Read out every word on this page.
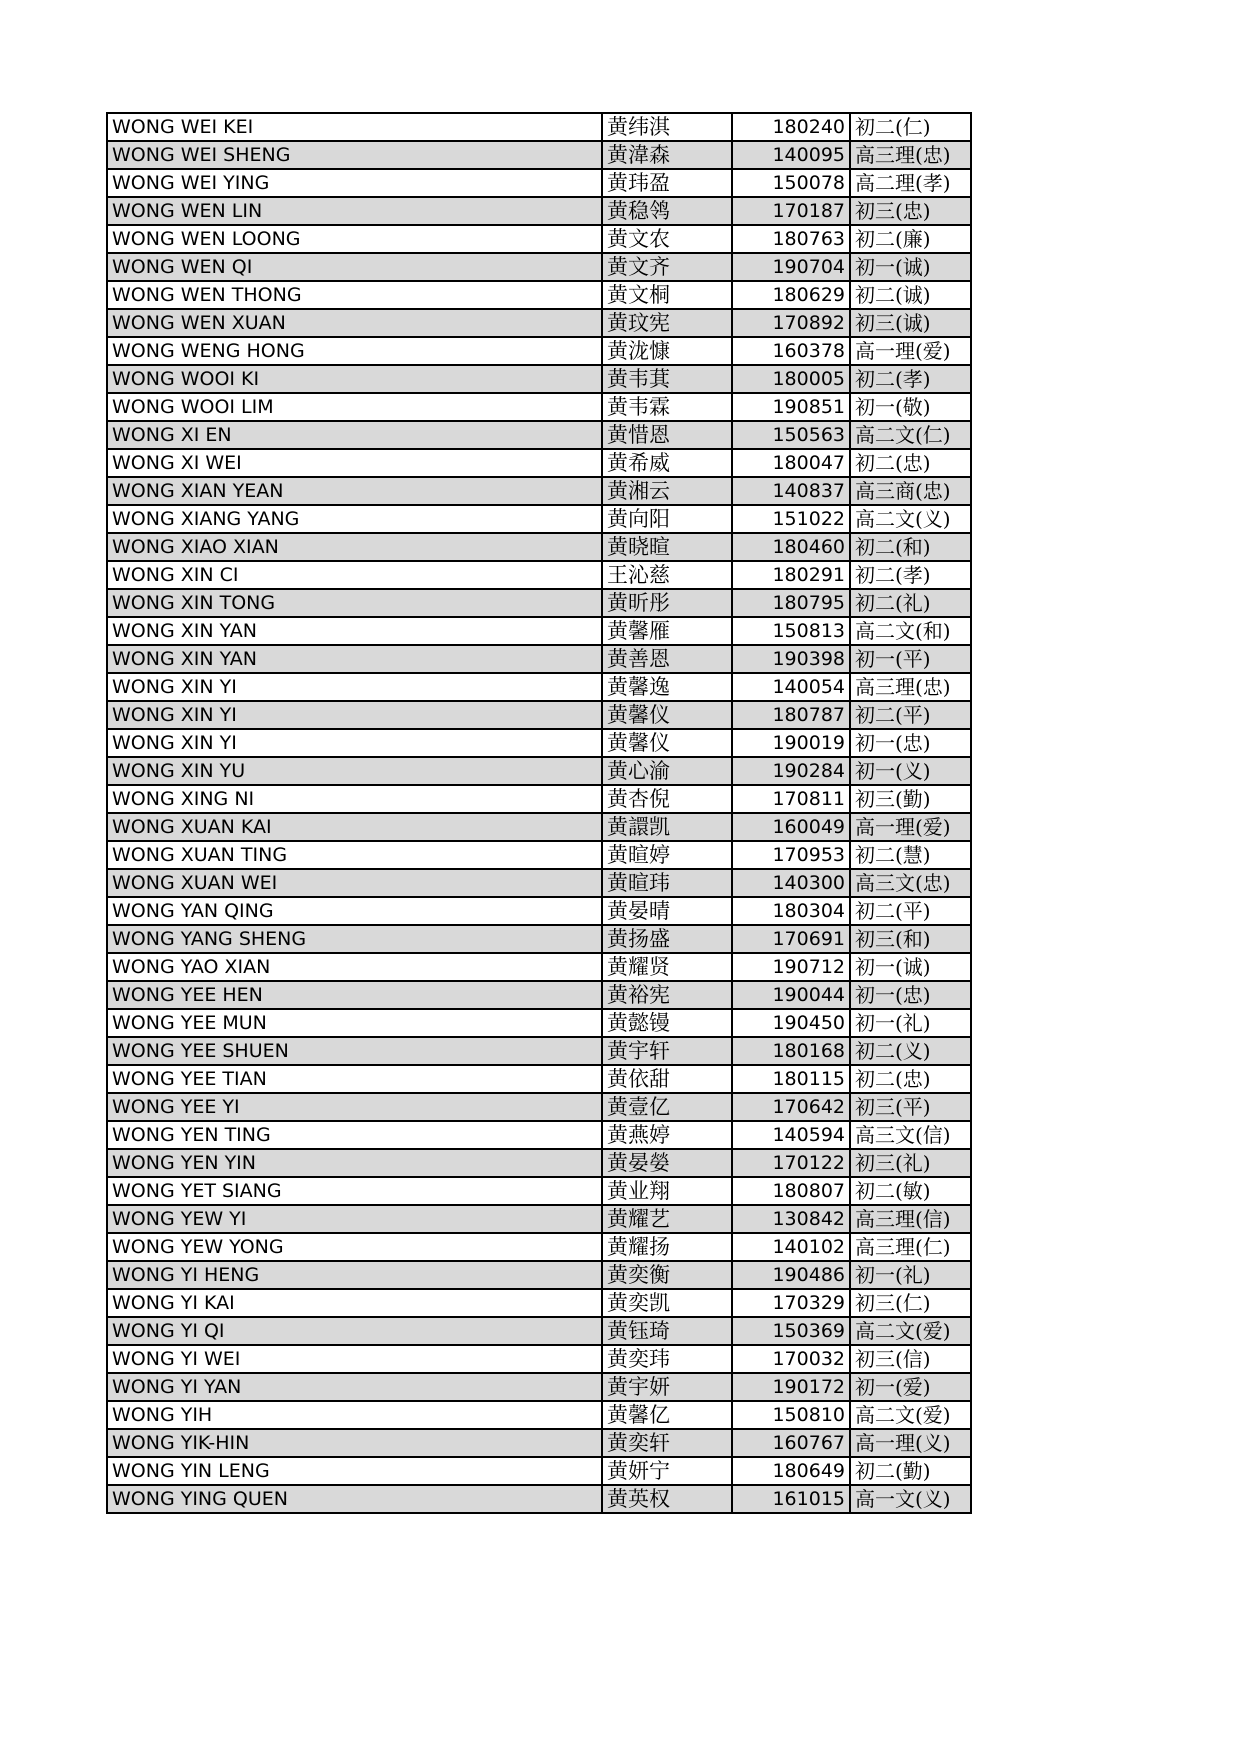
WONG WEI KEI	黄纬淇	180240	初二(仁)
WONG WEI SHENG	黄湋森	140095	高三理(忠)
WONG WEI YING	黄玮盈	150078	高二理(孝)
WONG WEN LIN	黄稳鸰	170187	初三(忠)
WONG WEN LOONG	黄文农	180763	初二(廉)
WONG WEN QI	黄文齐	190704	初一(诚)
WONG WEN THONG	黄文桐	180629	初二(诚)
WONG WEN XUAN	黄玟宪	170892	初三(诚)
WONG WENG HONG	黄泷慷	160378	高一理(爱)
WONG WOOI KI	黄韦萁	180005	初二(孝)
WONG WOOI LIM	黄韦霖	190851	初一(敬)
WONG XI EN	黄惜恩	150563	高二文(仁)
WONG XI WEI	黄希威	180047	初二(忠)
WONG XIAN YEAN	黄湘云	140837	高三商(忠)
WONG XIANG YANG	黄向阳	151022	高二文(义)
WONG XIAO XIAN	黄晓暄	180460	初二(和)
WONG XIN CI	王沁慈	180291	初二(孝)
WONG XIN TONG	黄昕彤	180795	初二(礼)
WONG XIN YAN	黄馨雁	150813	高二文(和)
WONG XIN YAN	黄善恩	190398	初一(平)
WONG XIN YI	黄馨逸	140054	高三理(忠)
WONG XIN YI	黄馨仪	180787	初二(平)
WONG XIN YI	黄馨仪	190019	初一(忠)
WONG XIN YU	黄心渝	190284	初一(义)
WONG XING NI	黄杏倪	170811	初三(勤)
WONG XUAN KAI	黄譞凯	160049	高一理(爱)
WONG XUAN TING	黄暄婷	170953	初二(慧)
WONG XUAN WEI	黄暄玮	140300	高三文(忠)
WONG YAN QING	黄晏晴	180304	初二(平)
WONG YANG SHENG	黄扬盛	170691	初三(和)
WONG YAO XIAN	黄耀贤	190712	初一(诚)
WONG YEE HEN	黄裕宪	190044	初一(忠)
WONG YEE MUN	黄懿镘	190450	初一(礼)
WONG YEE SHUEN	黄宇轩	180168	初二(义)
WONG YEE TIAN	黄依甜	180115	初二(忠)
WONG YEE YI	黄壹亿	170642	初三(平)
WONG YEN TING	黄燕婷	140594	高三文(信)
WONG YEN YIN	黄晏嫈	170122	初三(礼)
WONG YET SIANG	黄业翔	180807	初二(敏)
WONG YEW YI	黄耀艺	130842	高三理(信)
WONG YEW YONG	黄耀扬	140102	高三理(仁)
WONG YI HENG	黄奕衡	190486	初一(礼)
WONG YI KAI	黄奕凯	170329	初三(仁)
WONG YI QI	黄钰琦	150369	高二文(爱)
WONG YI WEI	黄奕玮	170032	初三(信)
WONG YI YAN	黄宇妍	190172	初一(爱)
WONG YIH	黄馨亿	150810	高二文(爱)
WONG YIK-HIN	黄奕轩	160767	高一理(义)
WONG YIN LENG	黄妍宁	180649	初二(勤)
WONG YING QUEN	黄英权	161015	高一文(义)
